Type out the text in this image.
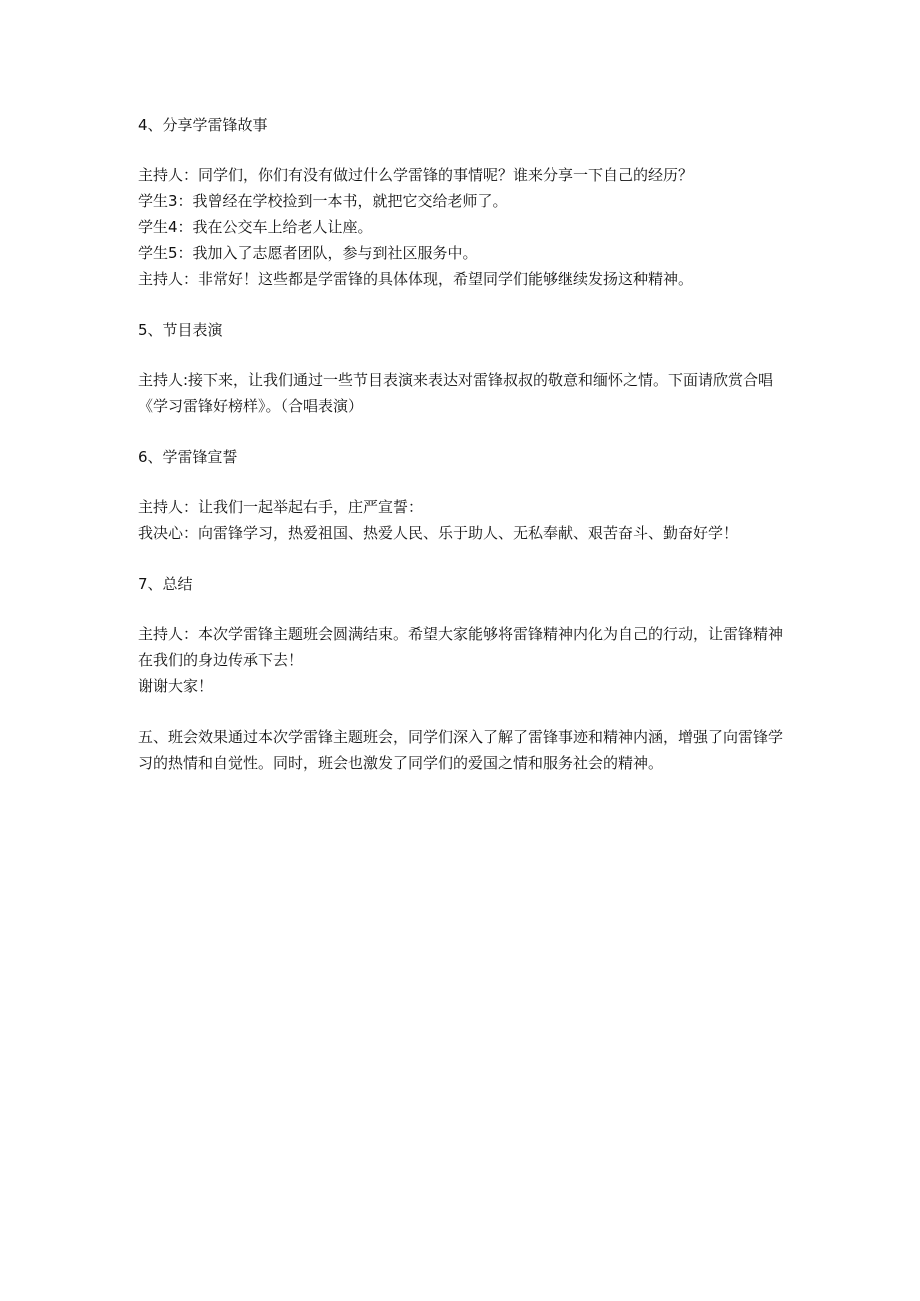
4、分享学雷锋故事

主持人：同学们，你们有没有做过什么学雷锋的事情呢？谁来分享一下自己的经历？

学生3：我曾经在学校捡到一本书，就把它交给老师了。

学生4：我在公交车上给老人让座。

学生5：我加入了志愿者团队，参与到社区服务中。

主持人：非常好！这些都是学雷锋的具体体现，希望同学们能够继续发扬这种精神。

5、节目表演

主持人:接下来，让我们通过一些节目表演来表达对雷锋叔叔的敬意和缅怀之情。下面请欣赏合唱《学习雷锋好榜样》。（合唱表演）

6、学雷锋宣誓

主持人：让我们一起举起右手，庄严宣誓：

我决心：向雷锋学习，热爱祖国、热爱人民、乐于助人、无私奉献、艰苦奋斗、勤奋好学！

7、总结

主持人：本次学雷锋主题班会圆满结束。希望大家能够将雷锋精神内化为自己的行动，让雷锋精神在我们的身边传承下去！

谢谢大家！

五、班会效果通过本次学雷锋主题班会，同学们深入了解了雷锋事迹和精神内涵，增强了向雷锋学习的热情和自觉性。同时，班会也激发了同学们的爱国之情和服务社会的精神。
